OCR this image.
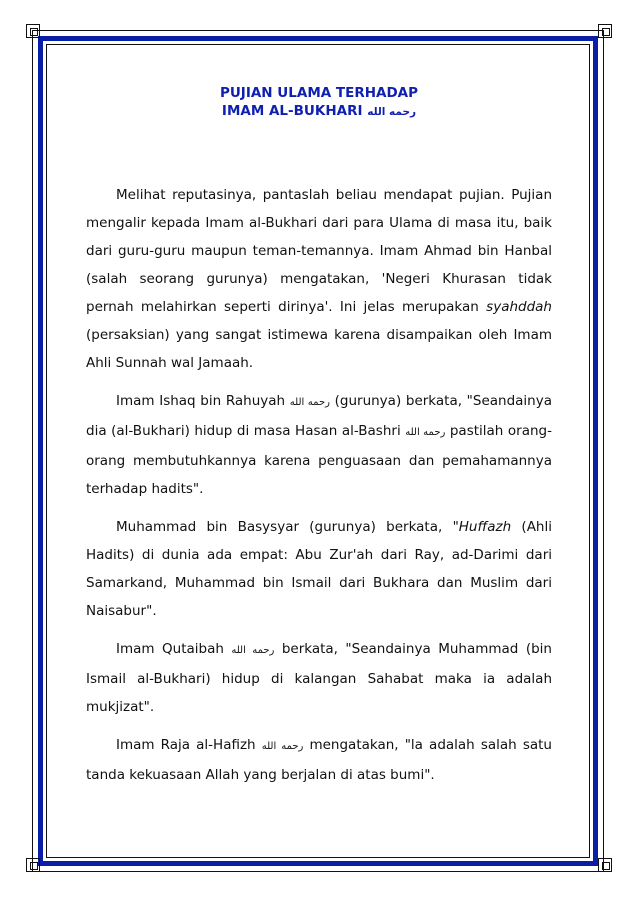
PUJIAN ULAMA TERHADAP
IMAM AL-BUKHARI رحمه الله

Melihat reputasinya, pantaslah beliau mendapat pujian. Pujian mengalir kepada Imam al-Bukhari dari para Ulama di masa itu, baik dari guru-guru maupun teman-temannya. Imam Ahmad bin Hanbal (salah seorang gurunya) mengatakan, 'Negeri Khurasan tidak pernah melahirkan seperti dirinya'. Ini jelas merupakan syahddah (persaksian) yang sangat istimewa karena disampaikan oleh Imam Ahli Sunnah wal Jamaah.

Imam Ishaq bin Rahuyah رحمه الله (gurunya) berkata, "Seandainya dia (al-Bukhari) hidup di masa Hasan al-Bashri رحمه الله pastilah orang-orang membutuhkannya karena penguasaan dan pemahamannya terhadap hadits".

Muhammad bin Basysyar (gurunya) berkata, "Huffazh (Ahli Hadits) di dunia ada empat: Abu Zur'ah dari Ray, ad-Darimi dari Samarkand, Muhammad bin Ismail dari Bukhara dan Muslim dari Naisabur".

Imam Qutaibah رحمه الله berkata, "Seandainya Muhammad (bin Ismail al-Bukhari) hidup di kalangan Sahabat maka ia adalah mukjizat".

Imam Raja al-Hafizh رحمه الله mengatakan, "la adalah salah satu tanda kekuasaan Allah yang berjalan di atas bumi".
